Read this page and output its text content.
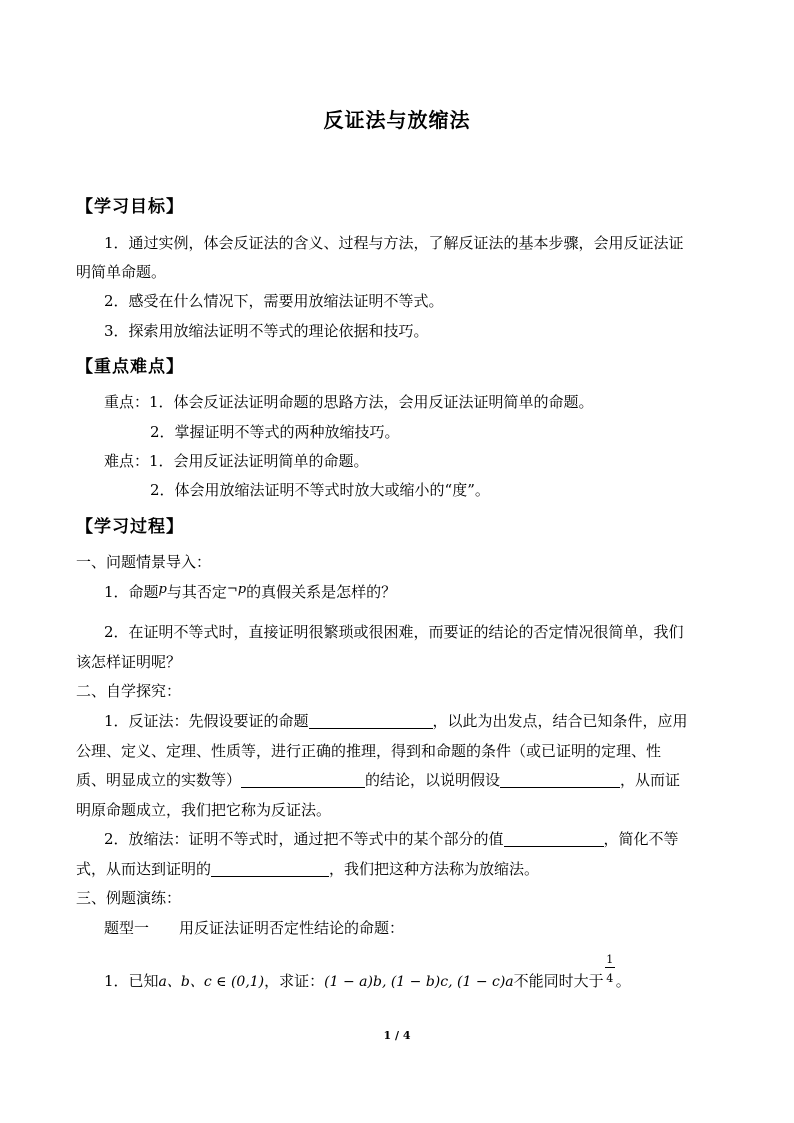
反证法与放缩法
【学习目标】
1．通过实例，体会反证法的含义、过程与方法，了解反证法的基本步骤，会用反证法证
明简单命题。
2．感受在什么情况下，需要用放缩法证明不等式。
3．探索用放缩法证明不等式的理论依据和技巧。
【重点难点】
重点：1．体会反证法证明命题的思路方法，会用反证法证明简单的命题。
2．掌握证明不等式的两种放缩技巧。
难点：1．会用反证法证明简单的命题。
2．体会用放缩法证明不等式时放大或缩小的“度”。
【学习过程】
一、问题情景导入：
1．命题p与其否定¬p的真假关系是怎样的？
2．在证明不等式时，直接证明很繁琐或很困难，而要证的结论的否定情况很简单，我们
该怎样证明呢？
二、自学探究：
1．反证法：先假设要证的命题	，以此为出发点，结合已知条件，应用
公理、定义、定理、性质等，进行正确的推理，得到和命题的条件（或已证明的定理、性
质、明显成立的实数等）	的结论，以说明假设	，从而证
明原命题成立，我们把它称为反证法。
2．放缩法：证明不等式时，通过把不等式中的某个部分的值	，简化不等
式，从而达到证明的	，我们把这种方法称为放缩法。
三、例题演练：
题型一　　用反证法证明否定性结论的命题：
1．已知a、b、c ∈ (0,1)，求证：(1 − a)b, (1 − b)c, (1 − c)a不能同时大于 $\frac{1}{4}$ 。
1 / 4
